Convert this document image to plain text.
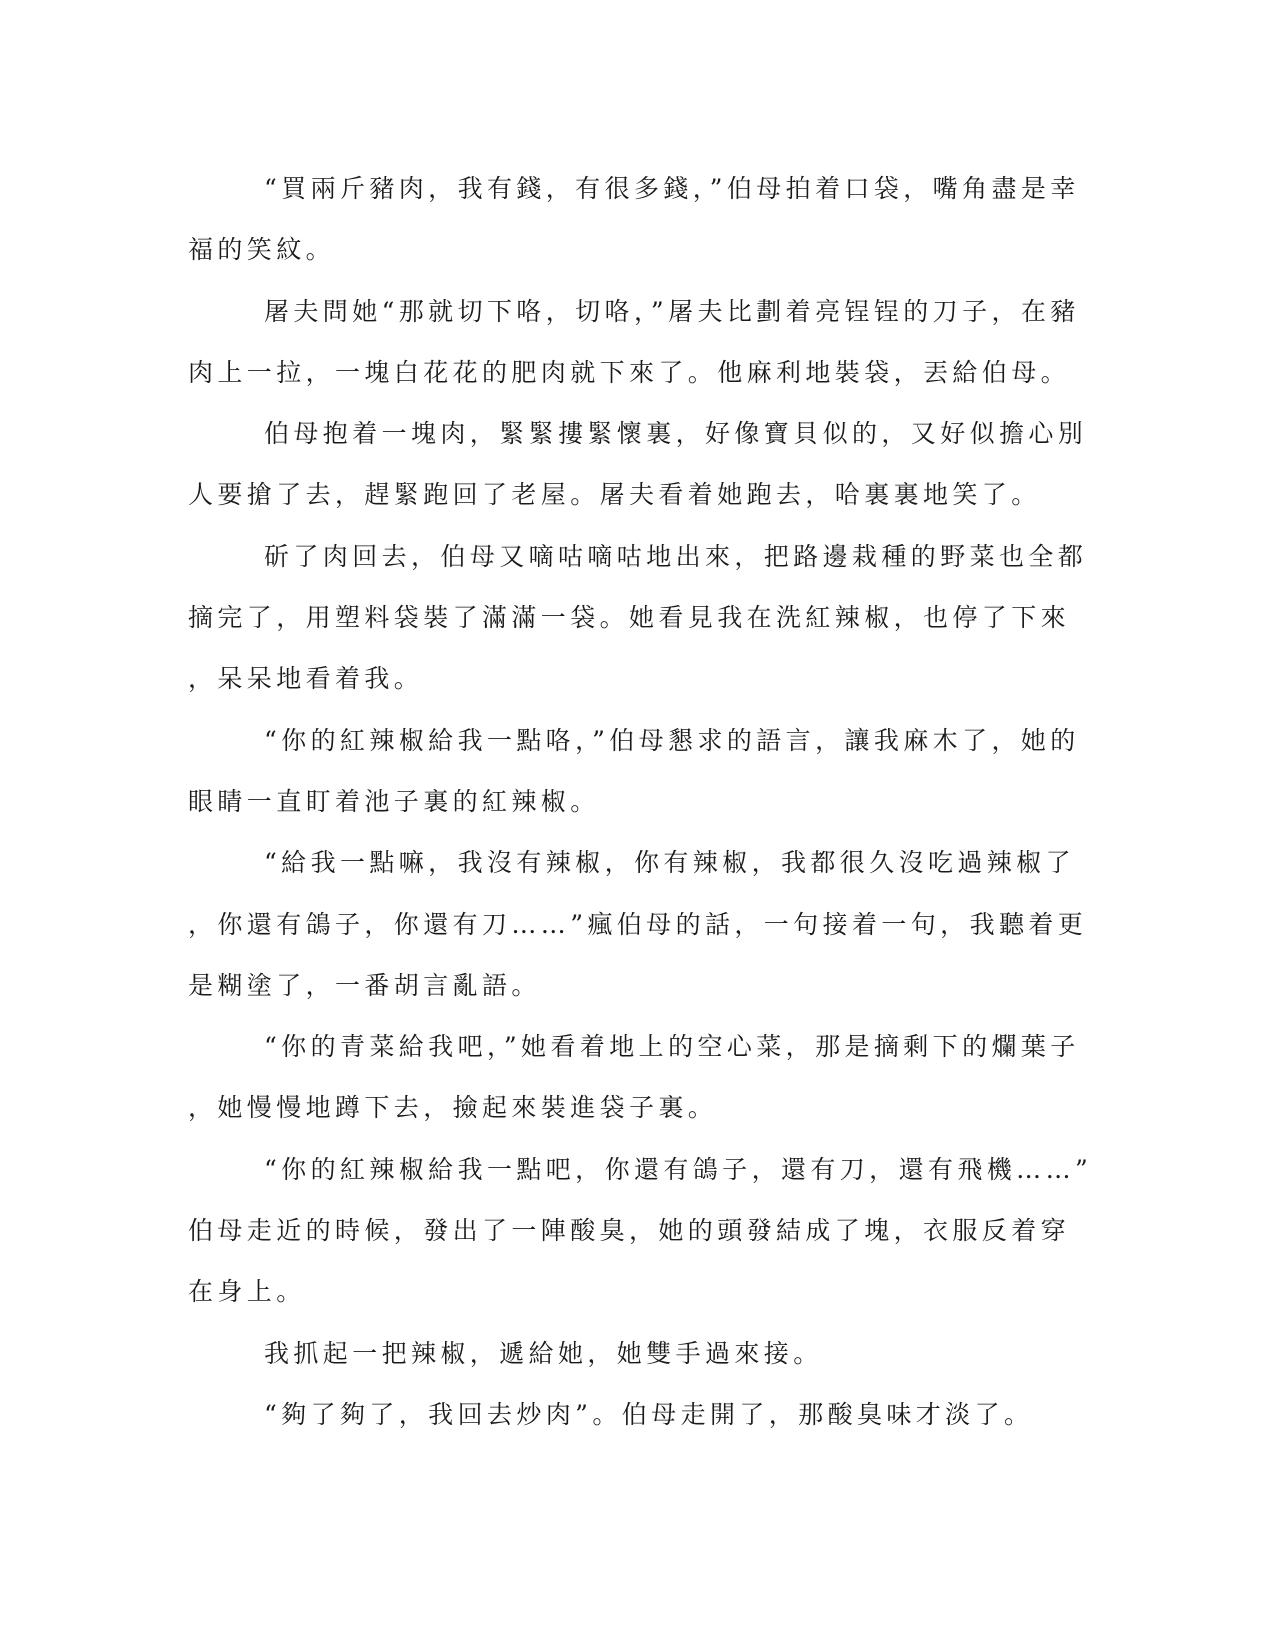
“買兩斤豬肉，我有錢，有很多錢，”伯母拍着口袋，嘴角盡是幸
福的笑紋。
屠夫問她“那就切下咯，切咯，”屠夫比劃着亮锃锃的刀子，在豬
肉上一拉，一塊白花花的肥肉就下來了。他麻利地裝袋，丟給伯母。
伯母抱着一塊肉，緊緊摟緊懷裏，好像寶貝似的，又好似擔心別
人要搶了去，趕緊跑回了老屋。屠夫看着她跑去，哈裏裏地笑了。
斫了肉回去，伯母又嘀咕嘀咕地出來，把路邊栽種的野菜也全都
摘完了，用塑料袋裝了滿滿一袋。她看見我在洗紅辣椒，也停了下來
，呆呆地看着我。
“你的紅辣椒給我一點咯，”伯母懇求的語言，讓我麻木了，她的
眼睛一直盯着池子裏的紅辣椒。
“給我一點嘛，我沒有辣椒，你有辣椒，我都很久沒吃過辣椒了
，你還有鴿子，你還有刀……”瘋伯母的話，一句接着一句，我聽着更
是糊塗了，一番胡言亂語。
“你的青菜給我吧，”她看着地上的空心菜，那是摘剩下的爛葉子
，她慢慢地蹲下去，撿起來裝進袋子裏。
“你的紅辣椒給我一點吧，你還有鴿子，還有刀，還有飛機……”
伯母走近的時候，發出了一陣酸臭，她的頭發結成了塊，衣服反着穿
在身上。
我抓起一把辣椒，遞給她，她雙手過來接。
“夠了夠了，我回去炒肉”。伯母走開了，那酸臭味才淡了。
